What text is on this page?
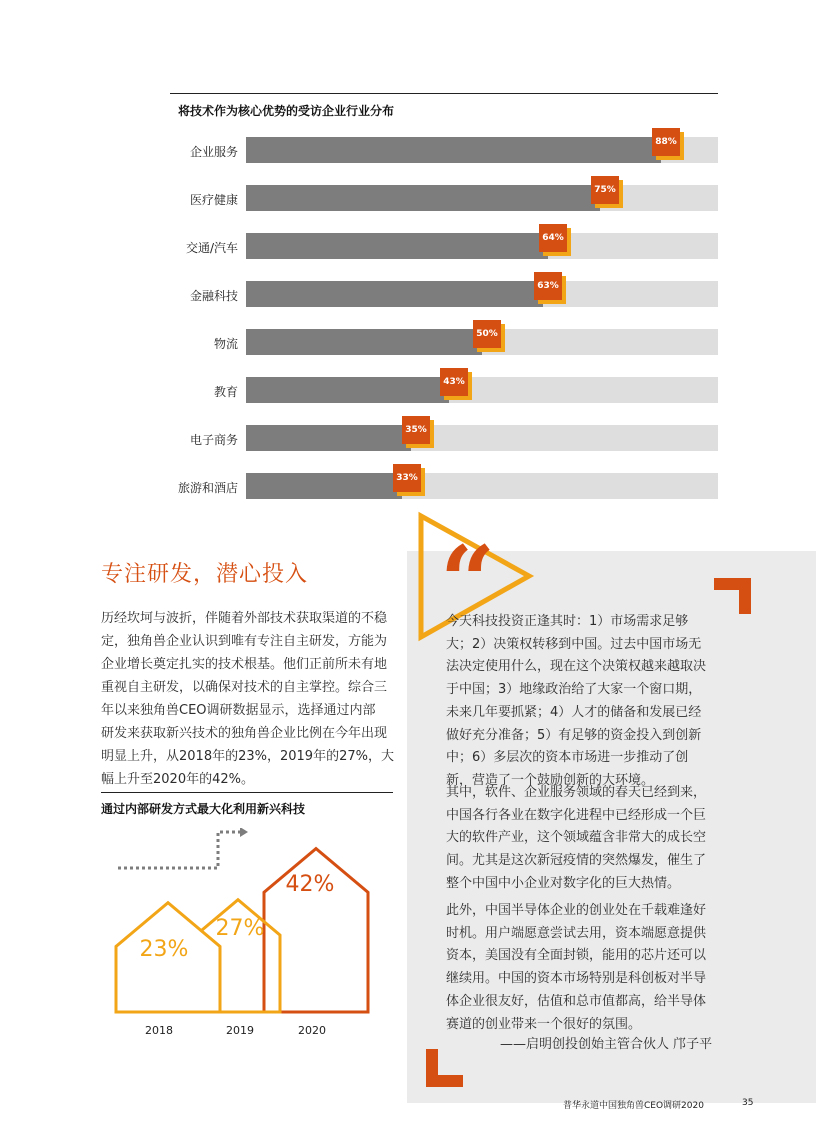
将技术作为核心优势的受访企业行业分布
企业服务
88%
医疗健康
75%
交通/汽车
64%
金融科技
63%
物流
50%
教育
43%
电子商务
35%
旅游和酒店
33%
“
专注研发，潜心投入
历经坎坷与波折，伴随着外部技术获取渠道的不稳
定，独角兽企业认识到唯有专注自主研发，方能为
企业增长奠定扎实的技术根基。他们正前所未有地
重视自主研发，以确保对技术的自主掌控。综合三
年以来独角兽CEO调研数据显示，选择通过内部
研发来获取新兴技术的独角兽企业比例在今年出现
明显上升，从2018年的23%，2019年的27%，大
幅上升至2020年的42%。
通过内部研发方式最大化利用新兴科技
23%
27%
42%
2018	2019	2020
今天科技投资正逢其时：1）市场需求足够
大；2）决策权转移到中国。过去中国市场无
法决定使用什么，现在这个决策权越来越取决
于中国；3）地缘政治给了大家一个窗口期，
未来几年要抓紧；4）人才的储备和发展已经
做好充分准备；5）有足够的资金投入到创新
中；6）多层次的资本市场进一步推动了创
新，营造了一个鼓励创新的大环境。
其中，软件、企业服务领域的春天已经到来，
中国各行各业在数字化进程中已经形成一个巨
大的软件产业，这个领域蕴含非常大的成长空
间。尤其是这次新冠疫情的突然爆发，催生了
整个中国中小企业对数字化的巨大热情。
此外，中国半导体企业的创业处在千载难逢好
时机。用户端愿意尝试去用，资本端愿意提供
资本，美国没有全面封锁，能用的芯片还可以
继续用。中国的资本市场特别是科创板对半导
体企业很友好，估值和总市值都高，给半导体
赛道的创业带来一个很好的氛围。
——启明创投创始主管合伙人 邝子平
普华永道中国独角兽CEO调研2020	35
